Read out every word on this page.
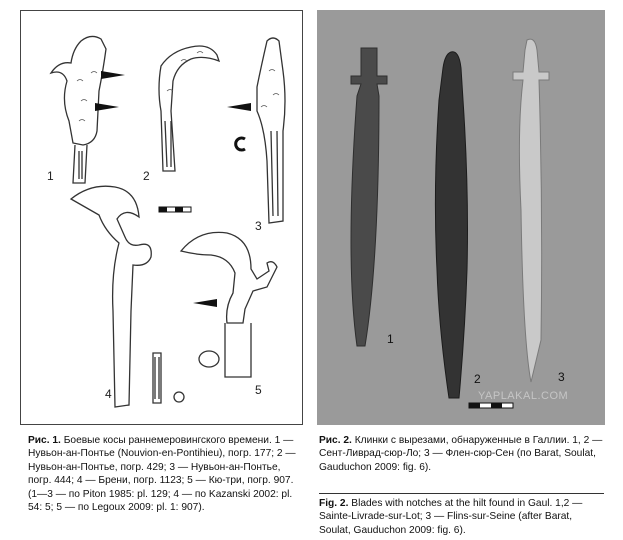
1	2
3
4	5
1
2	3
YAPLAKAL.COM
Рис. 1. Боевые косы раннемеровингского времени. 1 — Нувьон-ан-Понтье (Nouvion-en-Pontihieu), погр. 177; 2 — Нувьон-ан-Понтье, погр. 429; 3 — Нувьон-ан-Понтье, погр. 444; 4 — Брени, погр. 1123; 5 — Кю-три, погр. 907. (1—3 — по Piton 1985: pl. 129; 4 — по Kazanski 2002: pl. 54: 5; 5 — по Legoux 2009: pl. 1: 907).
Рис. 2. Клинки с вырезами, обнаруженные в Галлии. 1, 2 — Сент-Ливрад-сюр-Ло; 3 — Флен-сюр-Сен (по Barat, Soulat, Gauduchon 2009: fig. 6).
Fig. 2. Blades with notches at the hilt found in Gaul. 1,2 — Sainte-Livrade-sur-Lot; 3 — Flins-sur-Seine (after Barat, Soulat, Gauduchon 2009: fig. 6).
